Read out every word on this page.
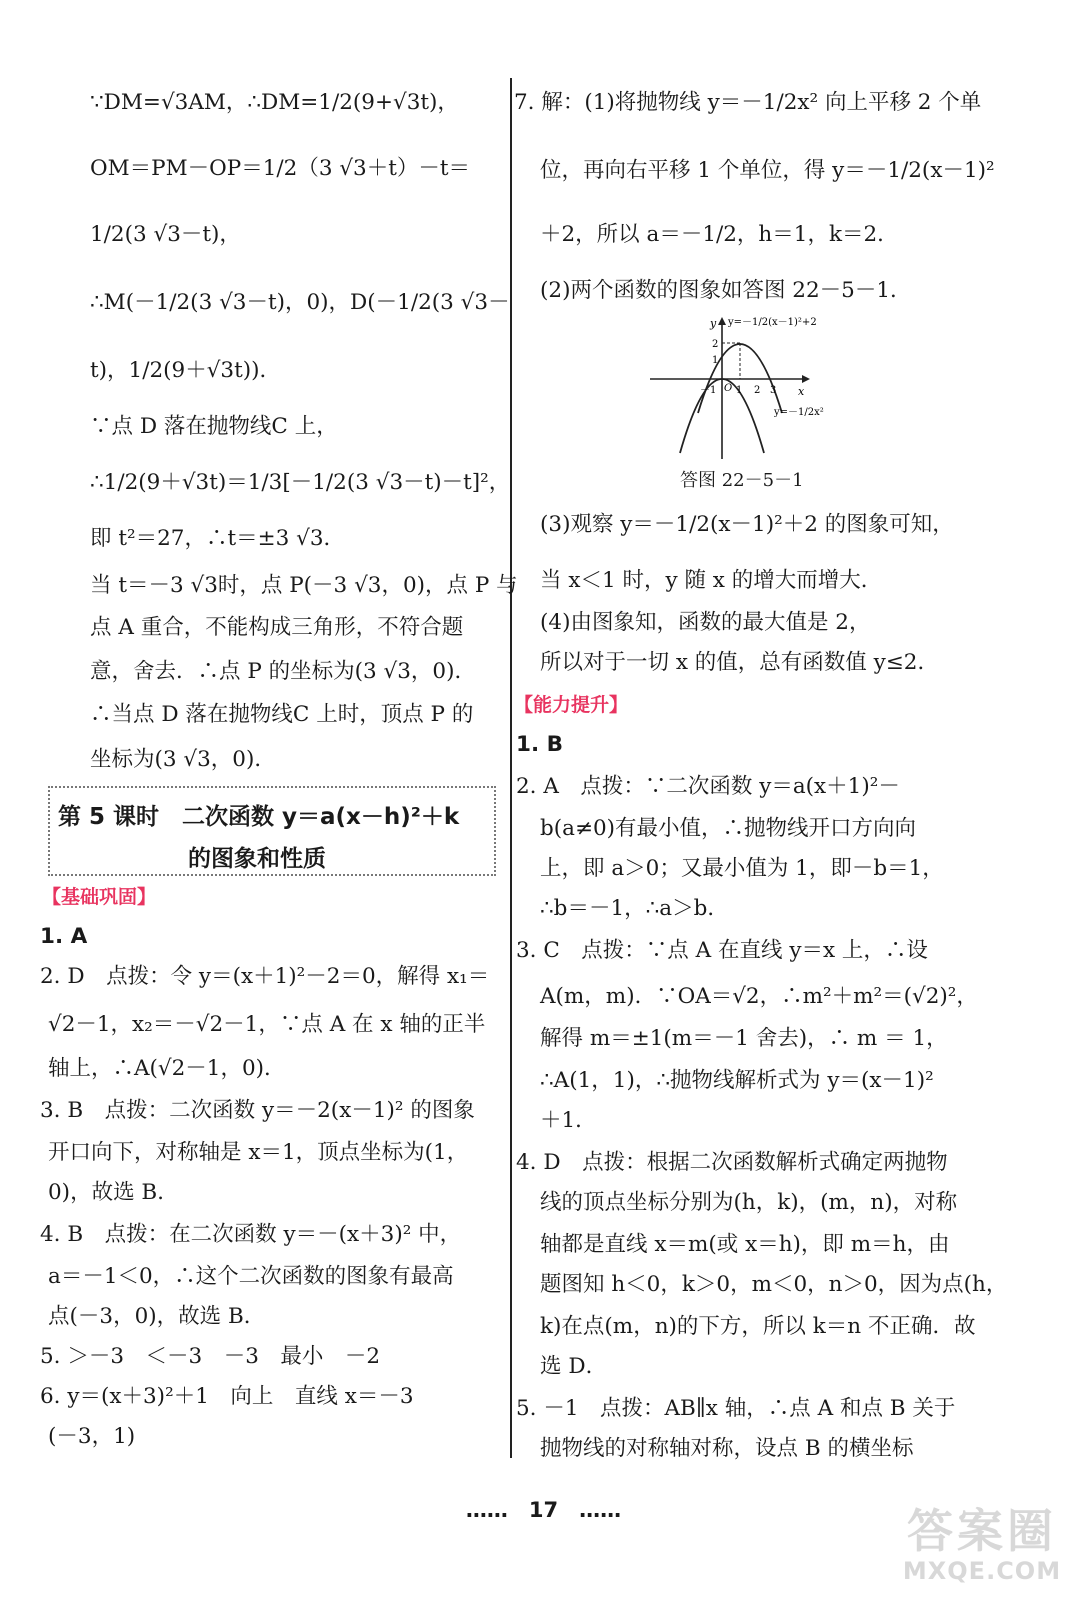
∵DM=√3AM，∴DM=1/2(9+√3t)，
OM＝PM－OP＝1/2（3 √3＋t）－t＝
1/2(3 √3－t)，
∴M(－1/2(3 √3－t)，0)，D(－1/2(3 √3－
t)，1/2(9＋√3t))．
∵点 D 落在抛物线C 上，
∴1/2(9＋√3t)＝1/3[－1/2(3 √3－t)－t]²，
即 t²＝27，∴t＝±3 √3．
当 t＝－3 √3时，点 P(－3 √3，0)，点 P 与
点 A 重合，不能构成三角形，不符合题
意，舍去．∴点 P 的坐标为(3 √3，0)．
∴当点 D 落在抛物线C 上时，顶点 P 的
坐标为(3 √3，0)．
第 5 课时　二次函数 y＝a(x－h)²＋k
的图象和性质
【基础巩固】
1. A
2. D　点拨：令 y＝(x＋1)²－2＝0，解得 x₁＝
√2－1，x₂＝－√2－1，∵点 A 在 x 轴的正半
轴上，∴A(√2－1，0)．
3. B　点拨：二次函数 y＝－2(x－1)² 的图象
开口向下，对称轴是 x＝1，顶点坐标为(1，
0)，故选 B．
4. B　点拨：在二次函数 y＝－(x＋3)² 中，
a＝－1＜0，∴这个二次函数的图象有最高
点(－3，0)，故选 B．
5. ＞－3　＜－3　－3　最小　－2
6. y＝(x＋3)²＋1　向上　直线 x＝－3
(－3，1)
7. 解：(1)将抛物线 y＝－1/2x² 向上平移 2 个单
位，再向右平移 1 个单位，得 y＝－1/2(x－1)²
＋2，所以 a＝－1/2，h＝1，k＝2．
(2)两个函数的图象如答图 22－5－1．
y=－1/2(x－1)²+2
y=－1/2x²
y
x
O
2
1
－1 1 2 3
答图 22－5－1
(3)观察 y＝－1/2(x－1)²＋2 的图象可知，
当 x＜1 时，y 随 x 的增大而增大．
(4)由图象知，函数的最大值是 2，
所以对于一切 x 的值，总有函数值 y≤2．
【能力提升】
1. B
2. A　点拨：∵二次函数 y＝a(x＋1)²－
b(a≠0)有最小值，∴抛物线开口方向向
上，即 a＞0；又最小值为 1，即－b＝1，
∴b＝－1，∴a＞b．
3. C　点拨：∵点 A 在直线 y＝x 上，∴设
A(m，m)．∵OA＝√2，∴m²＋m²＝(√2)²，
解得 m＝±1(m＝－1 舍去)，∴ m ＝ 1，
∴A(1，1)，∴抛物线解析式为 y＝(x－1)²
＋1．
4. D　点拨：根据二次函数解析式确定两抛物
线的顶点坐标分别为(h，k)，(m，n)，对称
轴都是直线 x＝m(或 x＝h)，即 m＝h，由
题图知 h＜0，k＞0，m＜0，n＞0，因为点(h，
k)在点(m，n)的下方，所以 k＝n 不正确．故
选 D．
5. －1　点拨：AB∥x 轴，∴点 A 和点 B 关于
抛物线的对称轴对称，设点 B 的横坐标
……　17　……	答案圈
MXQE.COM
